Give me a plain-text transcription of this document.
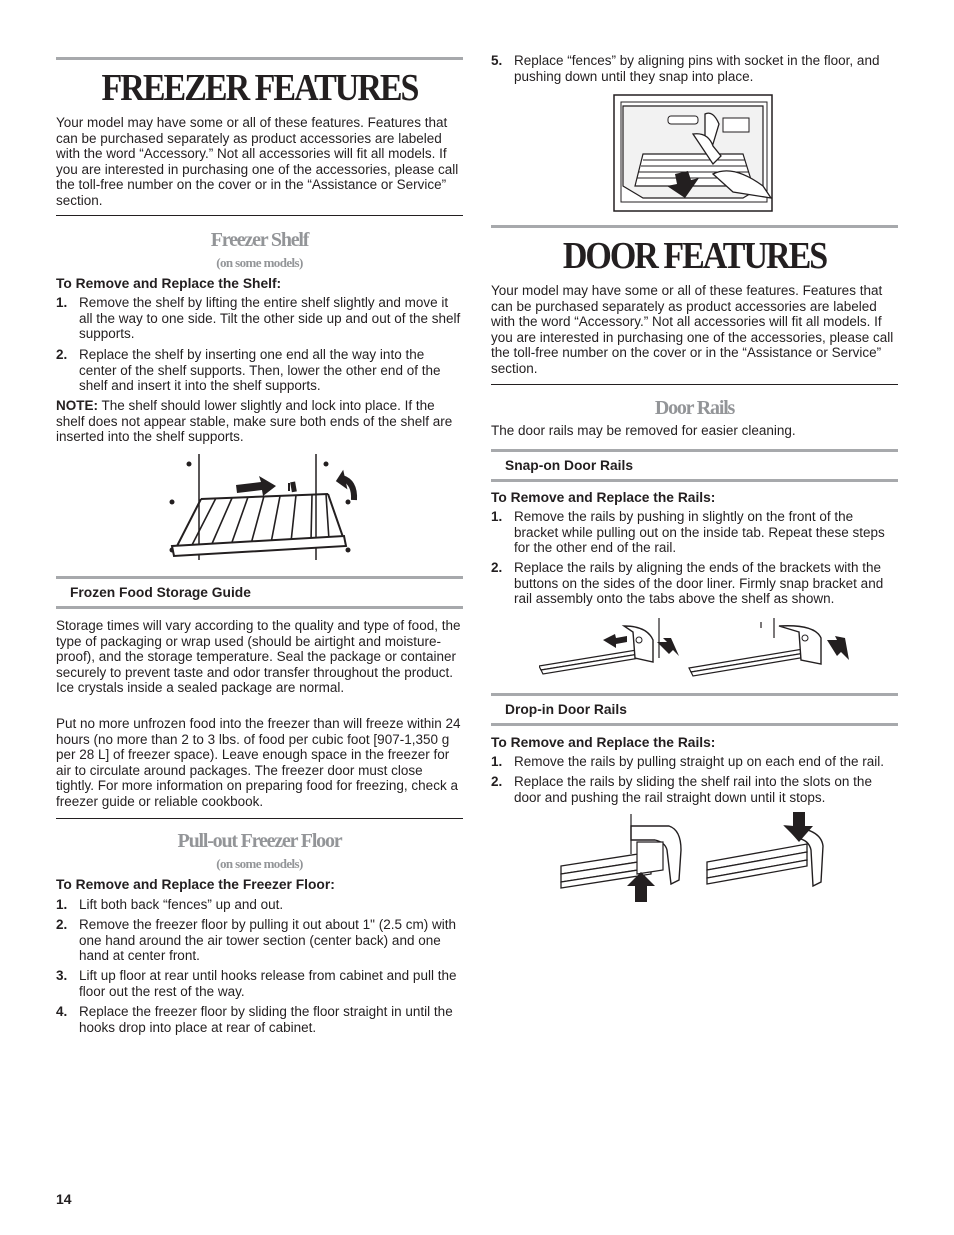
FREEZER FEATURES

Your model may have some or all of these features. Features that can be purchased separately as product accessories are labeled with the word “Accessory.” Not all accessories will fit all models. If you are interested in purchasing one of the accessories, please call the toll-free number on the cover or in the “Assistance or Service” section.

Freezer Shelf
(on some models)
To Remove and Replace the Shelf:
1. Remove the shelf by lifting the entire shelf slightly and move it all the way to one side. Tilt the other side up and out of the shelf supports.
2. Replace the shelf by inserting one end all the way into the center of the shelf supports. Then, lower the other end of the shelf and insert it into the shelf supports.

NOTE: The shelf should lower slightly and lock into place. If the shelf does not appear stable, make sure both ends of the shelf are inserted into the shelf supports.

Frozen Food Storage Guide

Storage times will vary according to the quality and type of food, the type of packaging or wrap used (should be airtight and moisture-proof), and the storage temperature. Seal the package or container securely to prevent taste and odor transfer throughout the product. Ice crystals inside a sealed package are normal.

Put no more unfrozen food into the freezer than will freeze within 24 hours (no more than 2 to 3 lbs. of food per cubic foot [907-1,350 g per 28 L] of freezer space). Leave enough space in the freezer for air to circulate around packages. The freezer door must close tightly. For more information on preparing food for freezing, check a freezer guide or reliable cookbook.

Pull-out Freezer Floor
(on some models)
To Remove and Replace the Freezer Floor:
1. Lift both back “fences” up and out.
2. Remove the freezer floor by pulling it out about 1" (2.5 cm) with one hand around the air tower section (center back) and one hand at center front.
3. Lift up floor at rear until hooks release from cabinet and pull the floor out the rest of the way.
4. Replace the freezer floor by sliding the floor straight in until the hooks drop into place at rear of cabinet.
5. Replace “fences” by aligning pins with socket in the floor, and pushing down until they snap into place.
DOOR FEATURES

Your model may have some or all of these features. Features that can be purchased separately as product accessories are labeled with the word “Accessory.” Not all accessories will fit all models. If you are interested in purchasing one of the accessories, please call the toll-free number on the cover or in the “Assistance or Service” section.

Door Rails

The door rails may be removed for easier cleaning.

Snap-on Door Rails
To Remove and Replace the Rails:
1. Remove the rails by pushing in slightly on the front of the bracket while pulling out on the inside tab. Repeat these steps for the other end of the rail.
2. Replace the rails by aligning the ends of the brackets with the buttons on the sides of the door liner. Firmly snap bracket and rail assembly onto the tabs above the shelf as shown.
Drop-in Door Rails
To Remove and Replace the Rails:
1. Remove the rails by pulling straight up on each end of the rail.
2. Replace the rails by sliding the shelf rail into the slots on the door and pushing the rail straight down until it stops.
14
